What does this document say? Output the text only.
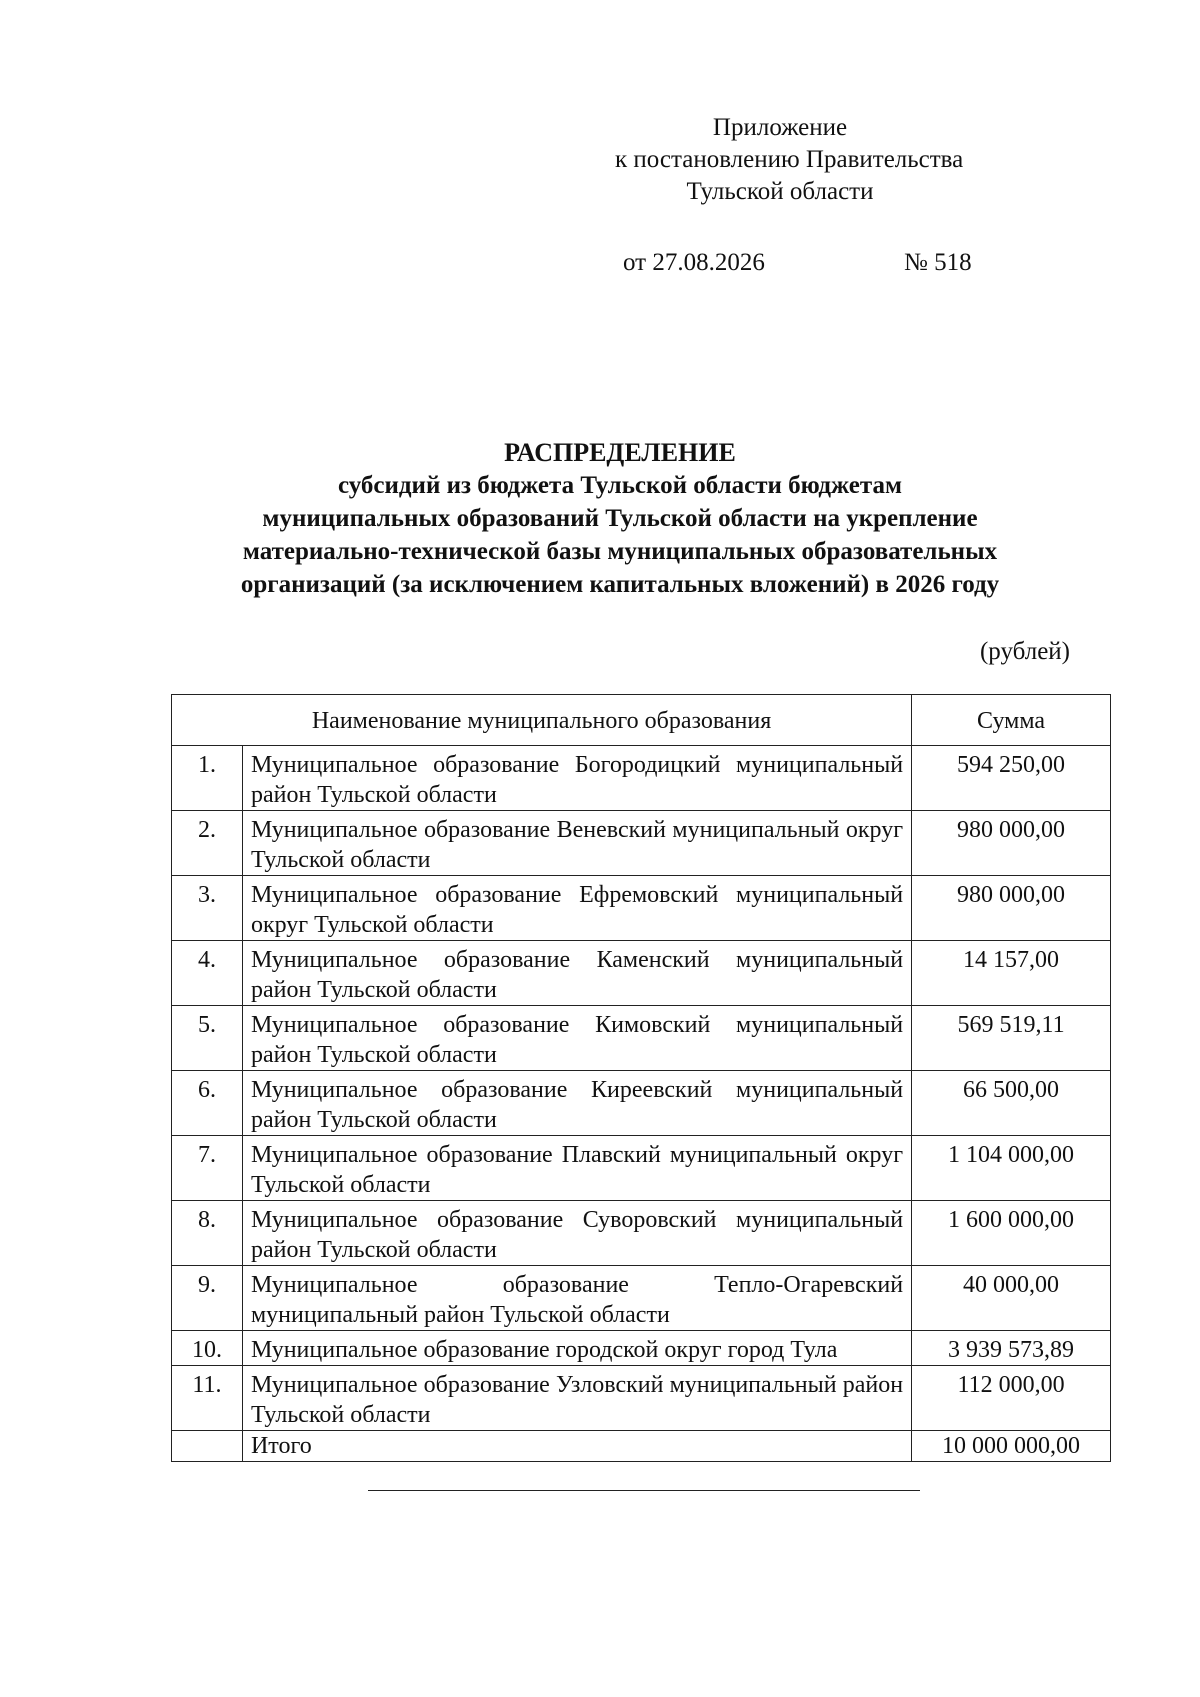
Приложение
к постановлению Правительства
Тульской области
от 27.08.2026	№ 518
РАСПРЕДЕЛЕНИЕ
субсидий из бюджета Тульской области бюджетам
муниципальных образований Тульской области на укрепление
материально-технической базы муниципальных образовательных
организаций (за исключением капитальных вложений) в 2026 году
(рублей)
Наименование муниципального образования		Сумма
1.	Муниципальное образование Богородицкий муниципальный район Тульской области	594 250,00
2.	Муниципальное образование Веневский муниципальный округ Тульской области	980 000,00
3.	Муниципальное образование Ефремовский муниципальный округ Тульской области	980 000,00
4.	Муниципальное образование Каменский муниципальный район Тульской области	14 157,00
5.	Муниципальное образование Кимовский муниципальный район Тульской области	569 519,11
6.	Муниципальное образование Киреевский муниципальный район Тульской области	66 500,00
7.	Муниципальное образование Плавский муниципальный округ Тульской области	1 104 000,00
8.	Муниципальное образование Суворовский муниципальный район Тульской области	1 600 000,00
9.	Муниципальное образование Тепло-Огаревский муниципальный район Тульской области	40 000,00
10.	Муниципальное образование городской округ город Тула	3 939 573,89
11.	Муниципальное образование Узловский муниципальный район Тульской области	112 000,00
	Итого	10 000 000,00
